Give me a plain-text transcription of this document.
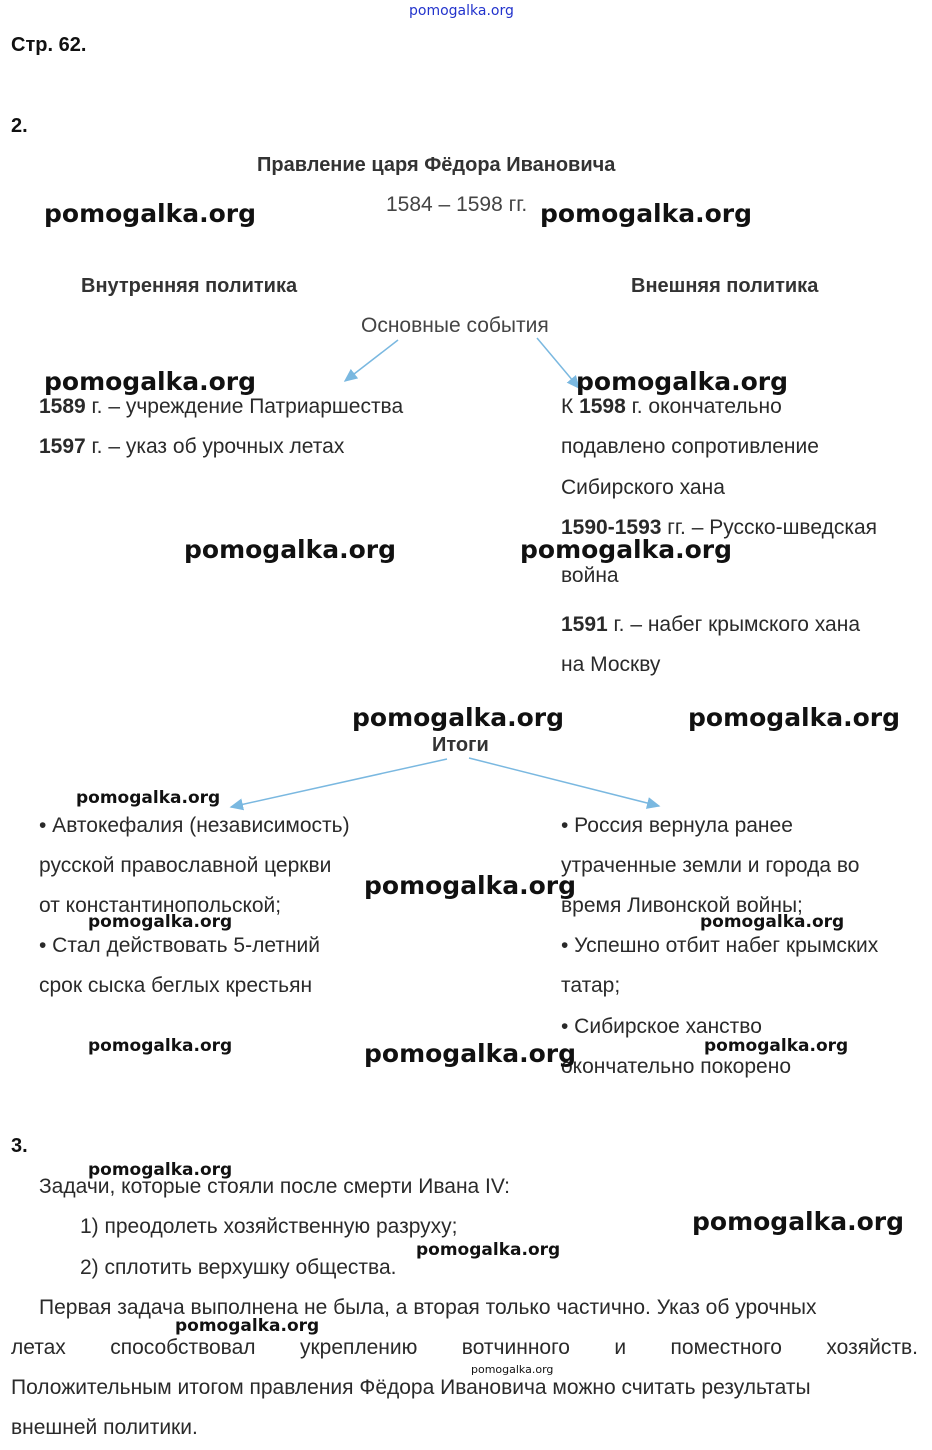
pomogalka.org
Стр. 62.
2.
Правление царя Фёдора Ивановича
1584 – 1598 гг.
pomogalka.org	pomogalka.org
Внутренняя политика	Внешняя политика
Основные события
pomogalka.org	pomogalka.org
1589 г. – учреждение Патриаршества
1597 г. – указ об урочных летах
К 1598 г. окончательно
подавлено сопротивление
Сибирского хана
1590-1593 гг. – Русско-шведская
война
1591 г. – набег крымского хана
на Москву
pomogalka.org	pomogalka.org
pomogalka.org	pomogalka.org
Итоги
pomogalka.org
• Автокефалия (независимость)
русской православной церкви
от константинопольской;
• Стал действовать 5-летний
срок сыска беглых крестьян
• Россия вернула ранее
утраченные земли и города во
время Ливонской войны;
• Успешно отбит набег крымских
татар;
• Сибирское ханство
окончательно покорено
pomogalka.org
pomogalka.org	pomogalka.org
pomogalka.org	pomogalka.org	pomogalka.org
3.
pomogalka.org
Задачи, которые стояли после смерти Ивана IV:
1) преодолеть хозяйственную разруху;	pomogalka.org
pomogalka.org
2) сплотить верхушку общества.
Первая задача выполнена не была, а вторая только частично. Указ об урочных
pomogalka.org
летах способствовал укреплению вотчинного и поместного хозяйств.
pomogalka.org
Положительным итогом правления Фёдора Ивановича можно считать результаты
внешней политики.
